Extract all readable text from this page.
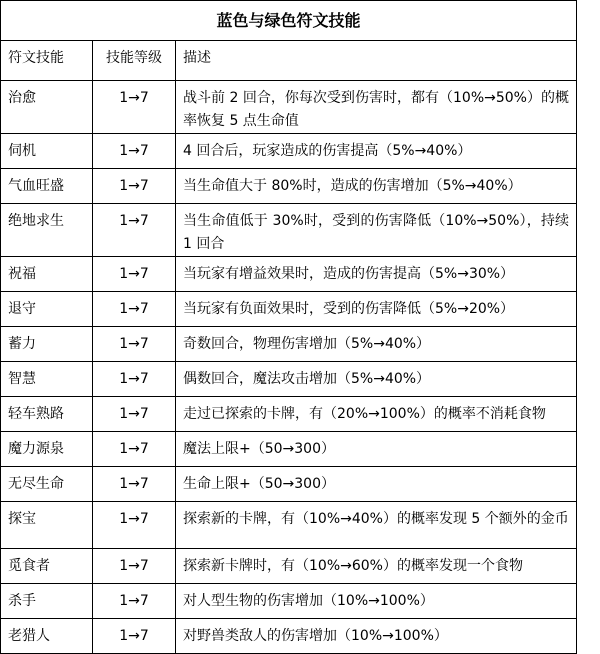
蓝色与绿色符文技能		
符文技能	技能等级	描述
治愈	1→7	战斗前 2 回合，你每次受到伤害时，都有（10%→50%）的概率恢复 5 点生命值
伺机	1→7	4 回合后，玩家造成的伤害提高（5%→40%）
气血旺盛	1→7	当生命值大于 80%时，造成的伤害增加（5%→40%）
绝地求生	1→7	当生命值低于 30%时，受到的伤害降低（10%→50%），持续 1 回合
祝福	1→7	当玩家有增益效果时，造成的伤害提高（5%→30%）
退守	1→7	当玩家有负面效果时，受到的伤害降低（5%→20%）
蓄力	1→7	奇数回合，物理伤害增加（5%→40%）
智慧	1→7	偶数回合，魔法攻击增加（5%→40%）
轻车熟路	1→7	走过已探索的卡牌，有（20%→100%）的概率不消耗食物
魔力源泉	1→7	魔法上限+（50→300）
无尽生命	1→7	生命上限+（50→300）
探宝	1→7	探索新的卡牌，有（10%→40%）的概率发现 5 个额外的金币
觅食者	1→7	探索新卡牌时，有（10%→60%）的概率发现一个食物
杀手	1→7	对人型生物的伤害增加（10%→100%）
老猎人	1→7	对野兽类敌人的伤害增加（10%→100%）
